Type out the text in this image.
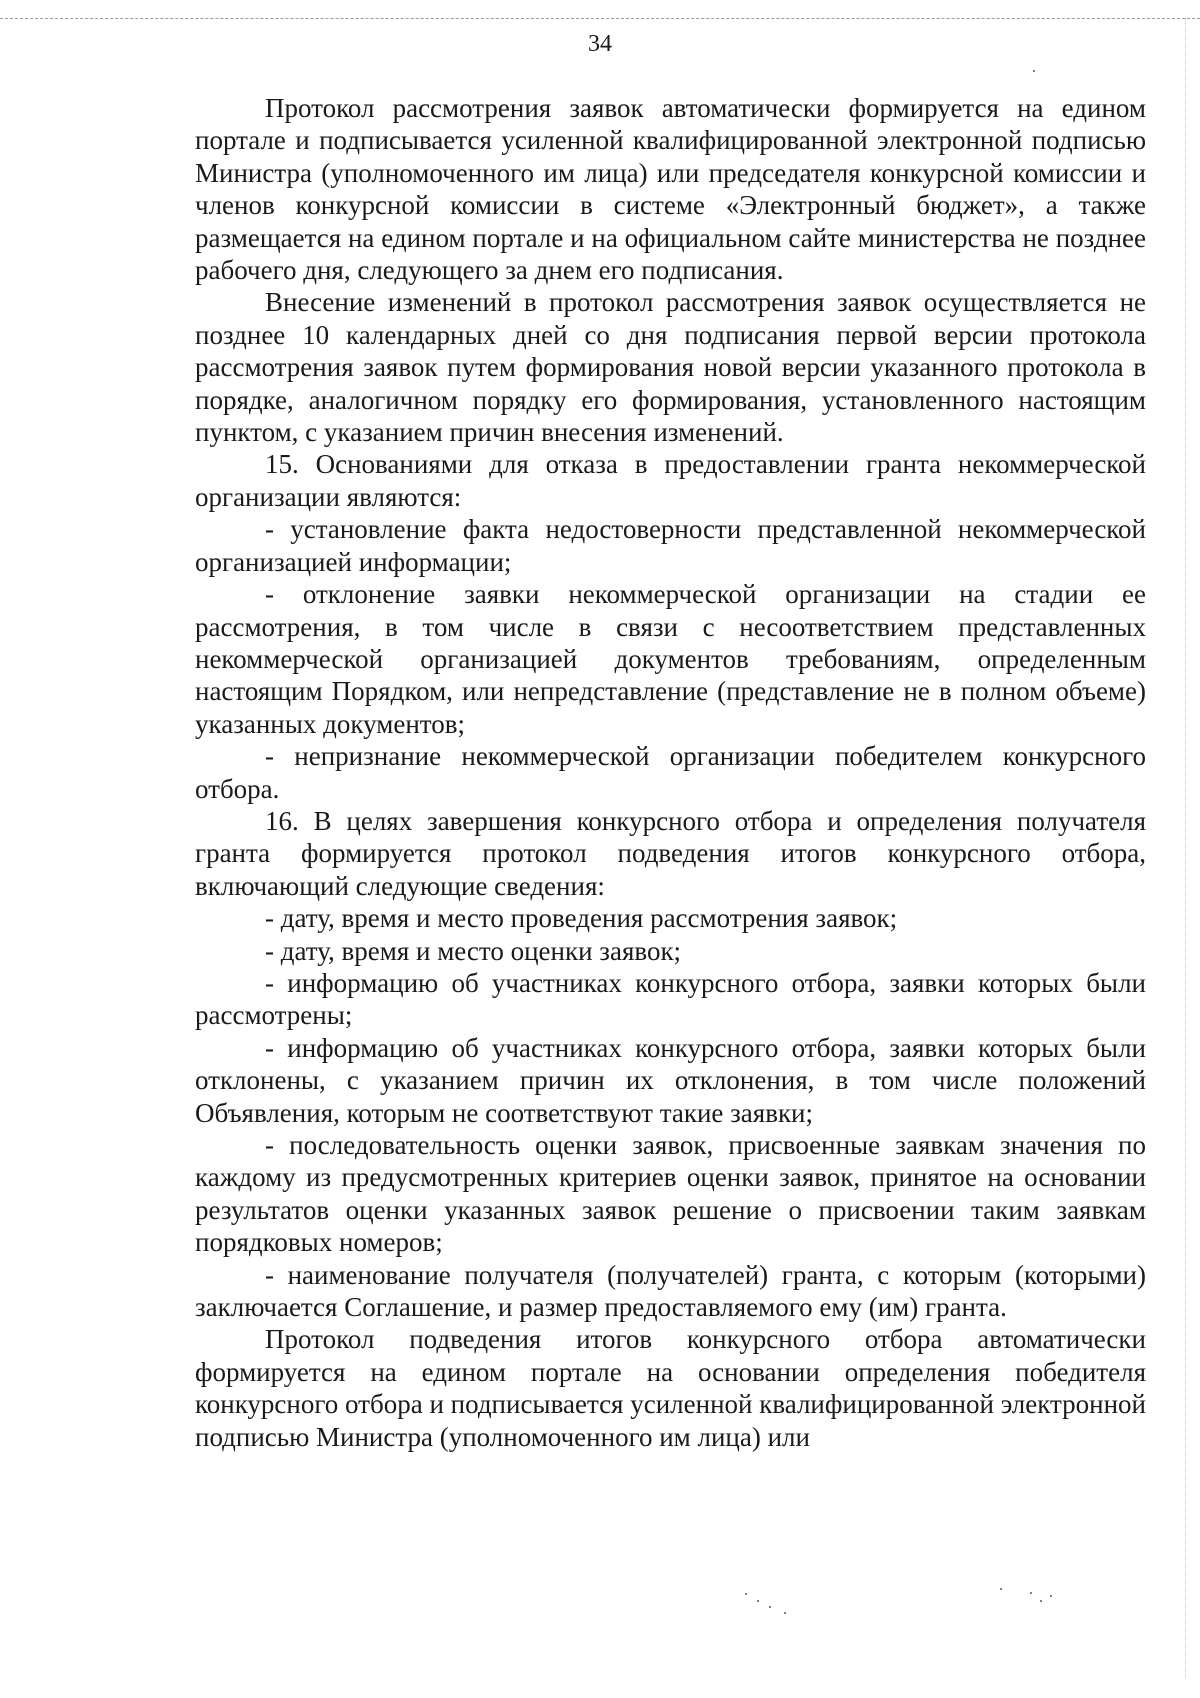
34

Протокол рассмотрения заявок автоматически формируется на едином портале и подписывается усиленной квалифицированной электронной подписью Министра (уполномоченного им лица) или председателя конкурсной комиссии и членов конкурсной комиссии в системе «Электронный бюджет», а также размещается на едином портале и на официальном сайте министерства не позднее рабочего дня, следующего за днем его подписания.

Внесение изменений в протокол рассмотрения заявок осуществляется не позднее 10 календарных дней со дня подписания первой версии протокола рассмотрения заявок путем формирования новой версии указанного протокола в порядке, аналогичном порядку его формирования, установленного настоящим пунктом, с указанием причин внесения изменений.

15. Основаниями для отказа в предоставлении гранта некоммерческой организации являются:

- установление факта недостоверности представленной некоммерческой организацией информации;

- отклонение заявки некоммерческой организации на стадии ее рассмотрения, в том числе в связи с несоответствием представленных некоммерческой организацией документов требованиям, определенным настоящим Порядком, или непредставление (представление не в полном объеме) указанных документов;

- непризнание некоммерческой организации победителем конкурсного отбора.

16. В целях завершения конкурсного отбора и определения получателя гранта формируется протокол подведения итогов конкурсного отбора, включающий следующие сведения:

- дату, время и место проведения рассмотрения заявок;

- дату, время и место оценки заявок;

- информацию об участниках конкурсного отбора, заявки которых были рассмотрены;

- информацию об участниках конкурсного отбора, заявки которых были отклонены, с указанием причин их отклонения, в том числе положений Объявления, которым не соответствуют такие заявки;

- последовательность оценки заявок, присвоенные заявкам значения по каждому из предусмотренных критериев оценки заявок, принятое на основании результатов оценки указанных заявок решение о присвоении таким заявкам порядковых номеров;

- наименование получателя (получателей) гранта, с которым (которыми) заключается Соглашение, и размер предоставляемого ему (им) гранта.

Протокол подведения итогов конкурсного отбора автоматически формируется на едином портале на основании определения победителя конкурсного отбора и подписывается усиленной квалифицированной электронной подписью Министра (уполномоченного им лица) или
